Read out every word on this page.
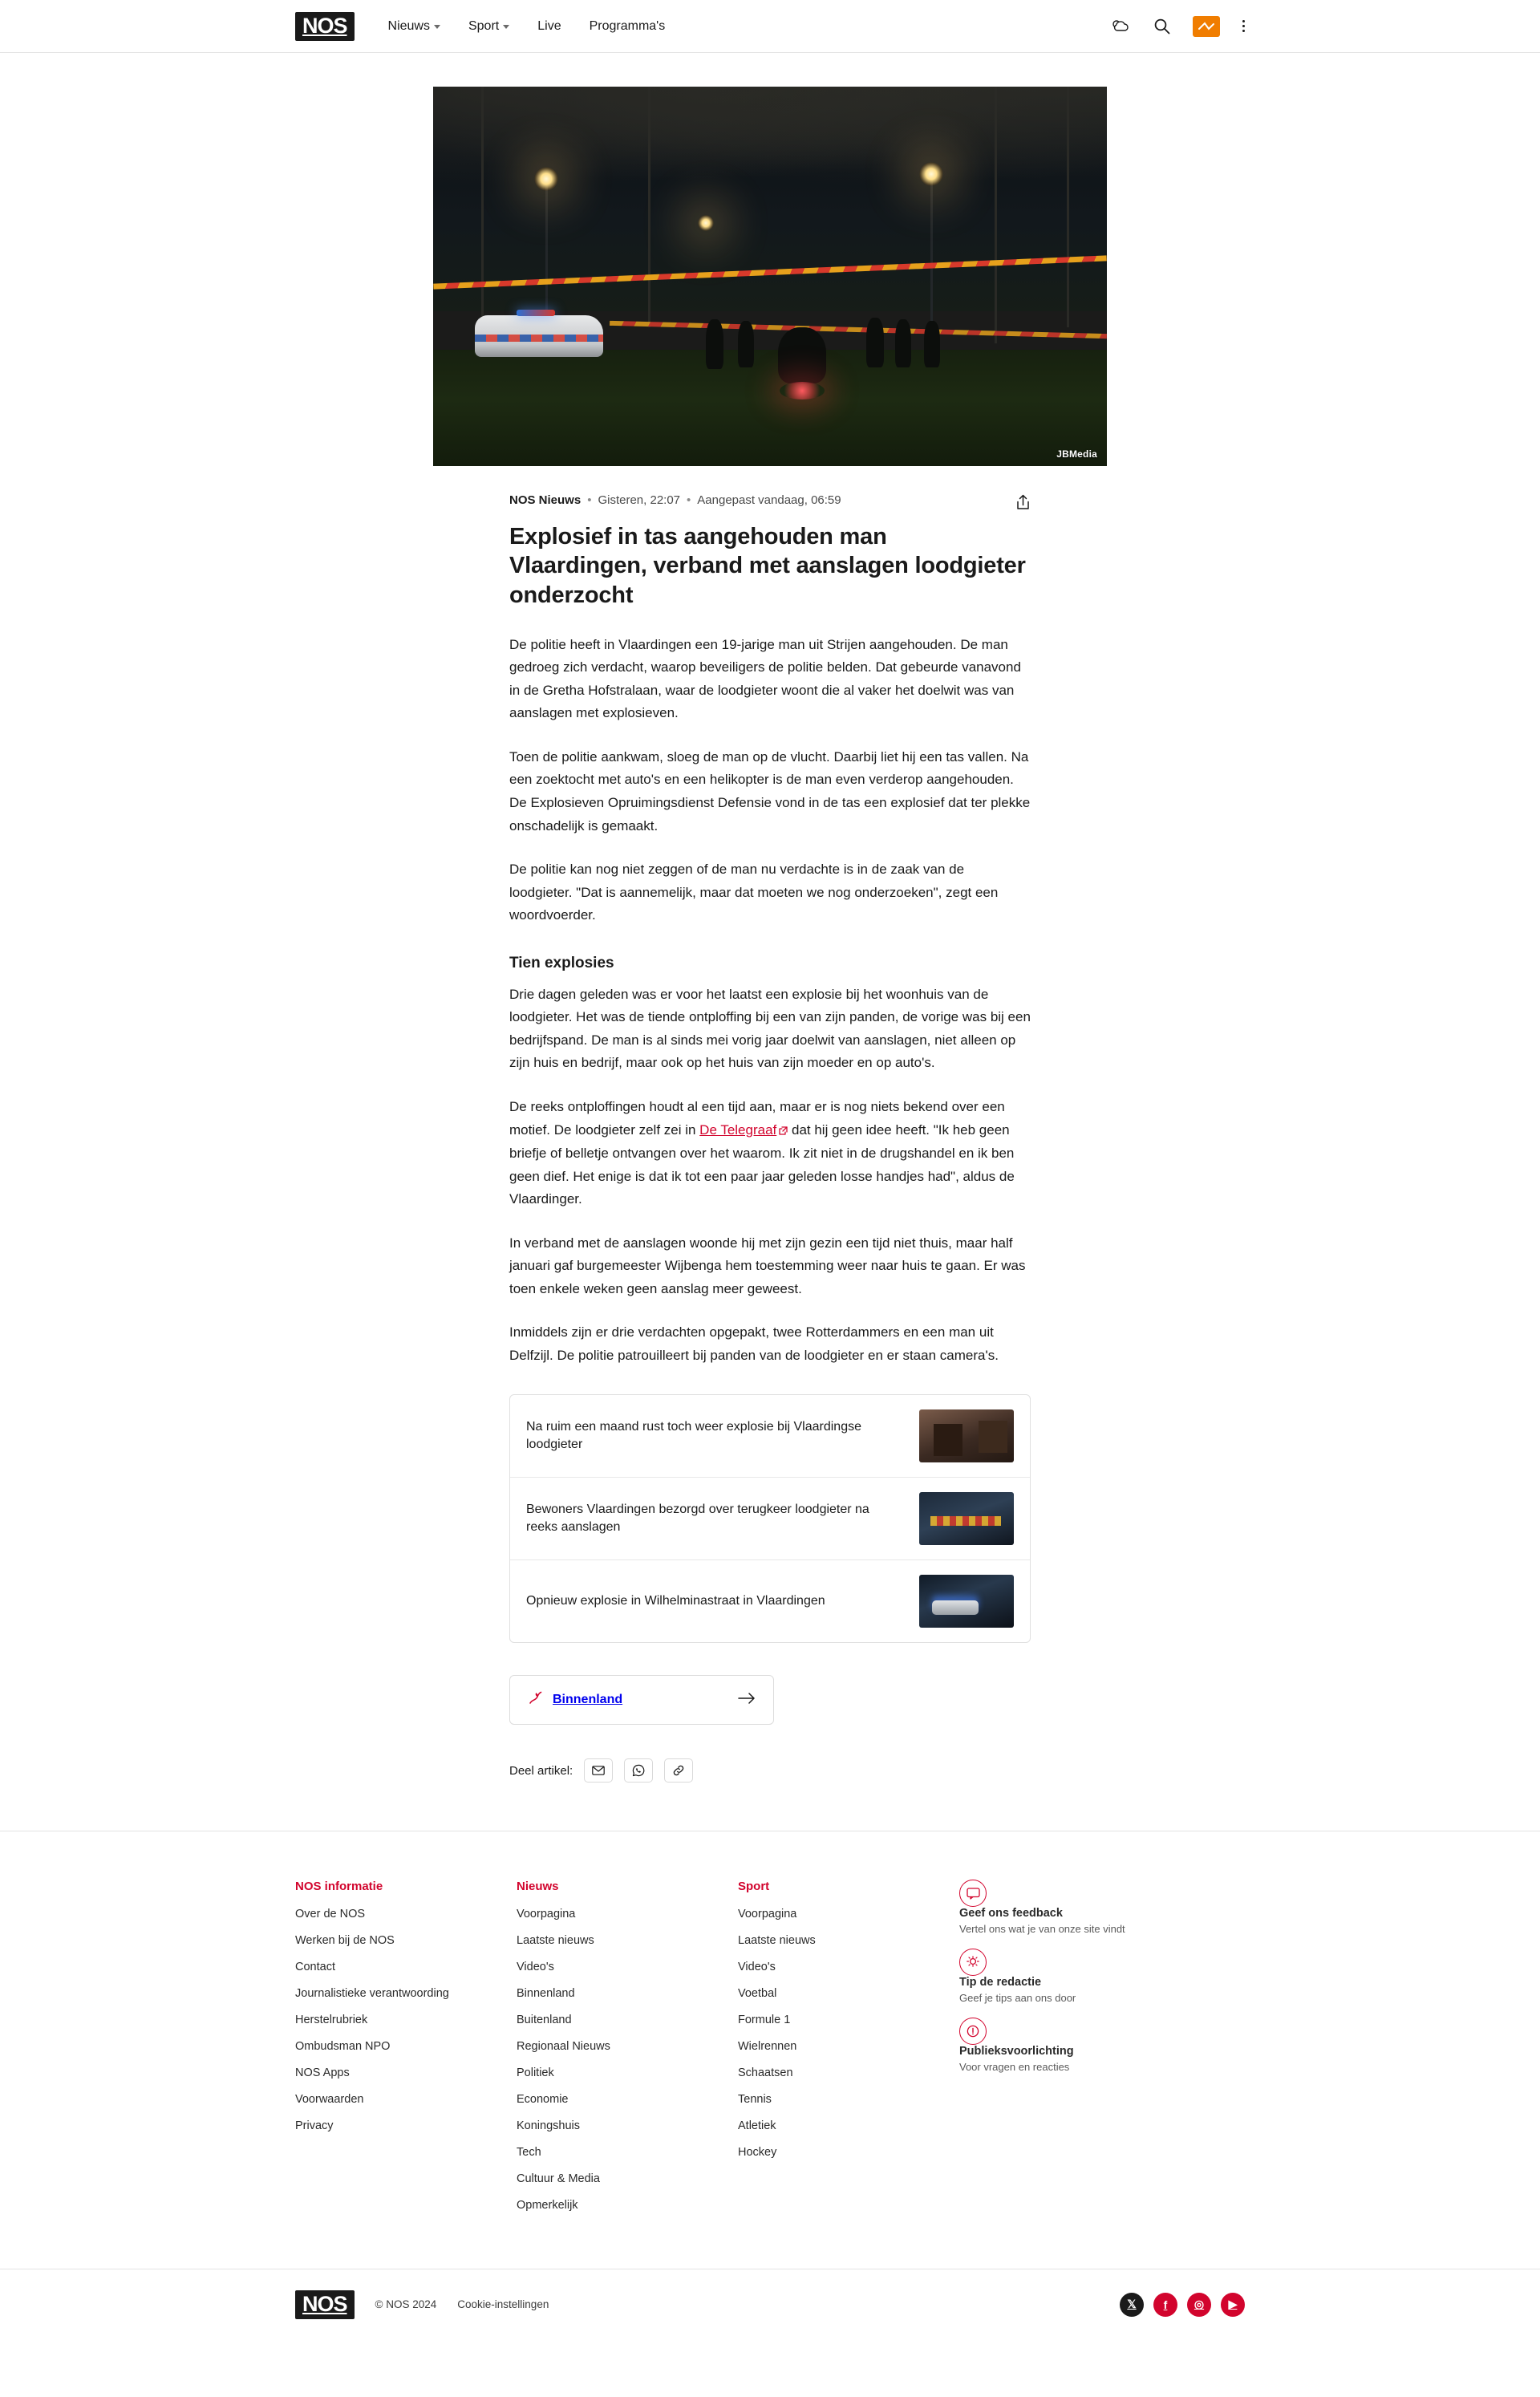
NOS	Nieuws	Sport	Live Programma's
JBMedia
NOS Nieuws • Gisteren, 22:07 • Aangepast vandaag, 06:59
Explosief in tas aangehouden man Vlaardingen, verband met aanslagen loodgieter onderzocht

De politie heeft in Vlaardingen een 19-jarige man uit Strijen aangehouden. De man gedroeg zich verdacht, waarop beveiligers de politie belden. Dat gebeurde vanavond in de Gretha Hofstralaan, waar de loodgieter woont die al vaker het doelwit was van aanslagen met explosieven.

Toen de politie aankwam, sloeg de man op de vlucht. Daarbij liet hij een tas vallen. Na een zoektocht met auto's en een helikopter is de man even verderop aangehouden. De Explosieven Opruimingsdienst Defensie vond in de tas een explosief dat ter plekke onschadelijk is gemaakt.

De politie kan nog niet zeggen of de man nu verdachte is in de zaak van de loodgieter. "Dat is aannemelijk, maar dat moeten we nog onderzoeken", zegt een woordvoerder.

Tien explosies

Drie dagen geleden was er voor het laatst een explosie bij het woonhuis van de loodgieter. Het was de tiende ontploffing bij een van zijn panden, de vorige was bij een bedrijfspand. De man is al sinds mei vorig jaar doelwit van aanslagen, niet alleen op zijn huis en bedrijf, maar ook op het huis van zijn moeder en op auto's.

De reeks ontploffingen houdt al een tijd aan, maar er is nog niets bekend over een motief. De loodgieter zelf zei in De Telegraaf dat hij geen idee heeft. "Ik heb geen briefje of belletje ontvangen over het waarom. Ik zit niet in de drugshandel en ik ben geen dief. Het enige is dat ik tot een paar jaar geleden losse handjes had", aldus de Vlaardinger.

In verband met de aanslagen woonde hij met zijn gezin een tijd niet thuis, maar half januari gaf burgemeester Wijbenga hem toestemming weer naar huis te gaan. Er was toen enkele weken geen aanslag meer geweest.

Inmiddels zijn er drie verdachten opgepakt, twee Rotterdammers en een man uit Delfzijl. De politie patrouilleert bij panden van de loodgieter en er staan camera's.

Na ruim een maand rust toch weer explosie bij Vlaardingse loodgieter
Bewoners Vlaardingen bezorgd over terugkeer loodgieter na reeks aanslagen
Opnieuw explosie in Wilhelminastraat in Vlaardingen
Binnenland
Deel artikel:
NOS informatie
Over de NOS
Werken bij de NOS
Contact
Journalistieke verantwoording
Herstelrubriek
Ombudsman NPO
NOS Apps
Voorwaarden
Privacy
Nieuws
Voorpagina
Laatste nieuws
Video's
Binnenland
Buitenland
Regionaal Nieuws
Politiek
Economie
Koningshuis
Tech
Cultuur & Media
Opmerkelijk
Sport
Voorpagina
Laatste nieuws
Video's
Voetbal
Formule 1
Wielrennen
Schaatsen
Tennis
Atletiek
Hockey
Geef ons feedback
Vertel ons wat je van onze site vindt
Tip de redactie
Geef je tips aan ons door
Publieksvoorlichting
Voor vragen en reacties
NOS	© NOS 2024 Cookie-instellingen	𝕏 f ◎ ▶
